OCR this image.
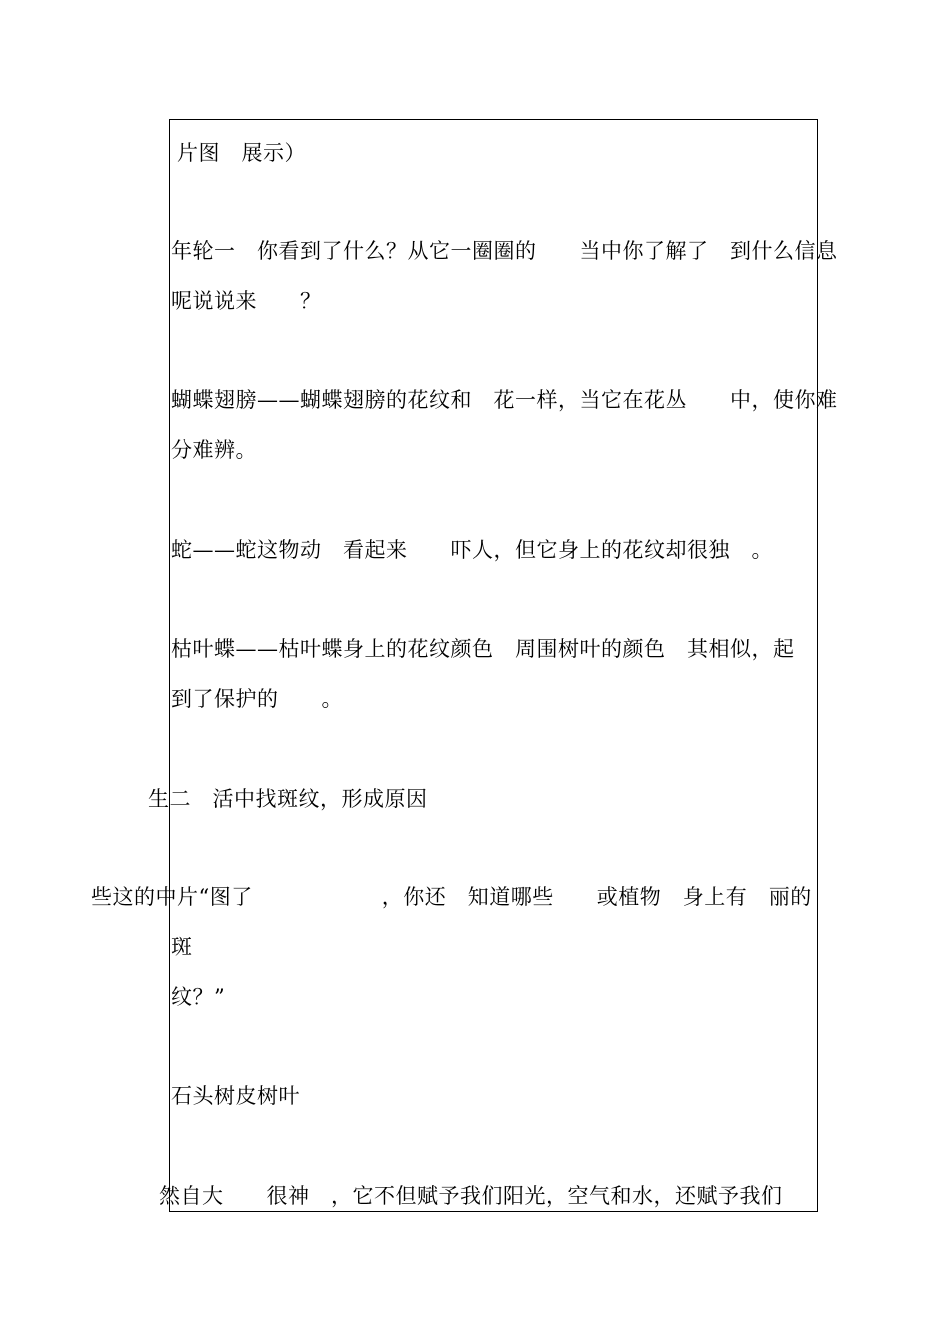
片图　展示）
年轮一　你看到了什么？从它一圈圈的　　当中你了解了　到什么信息
呢说说来　　？
蝴蝶翅膀——蝴蝶翅膀的花纹和　花一样，当它在花丛　　中，使你难
分难辨。
蛇——蛇这物动　看起来　　吓人，但它身上的花纹却很独　。
枯叶蝶——枯叶蝶身上的花纹颜色　周围树叶的颜色　其相似，起
到了保护的　　。
生二　活中找斑纹，形成原因
些这的中片“图了　　　　　　，你还　知道哪些　　或植物　身上有　丽的
斑
纹？”
石头树皮树叶
然自大　　很神　，它不但赋予我们阳光，空气和水，还赋予我们
